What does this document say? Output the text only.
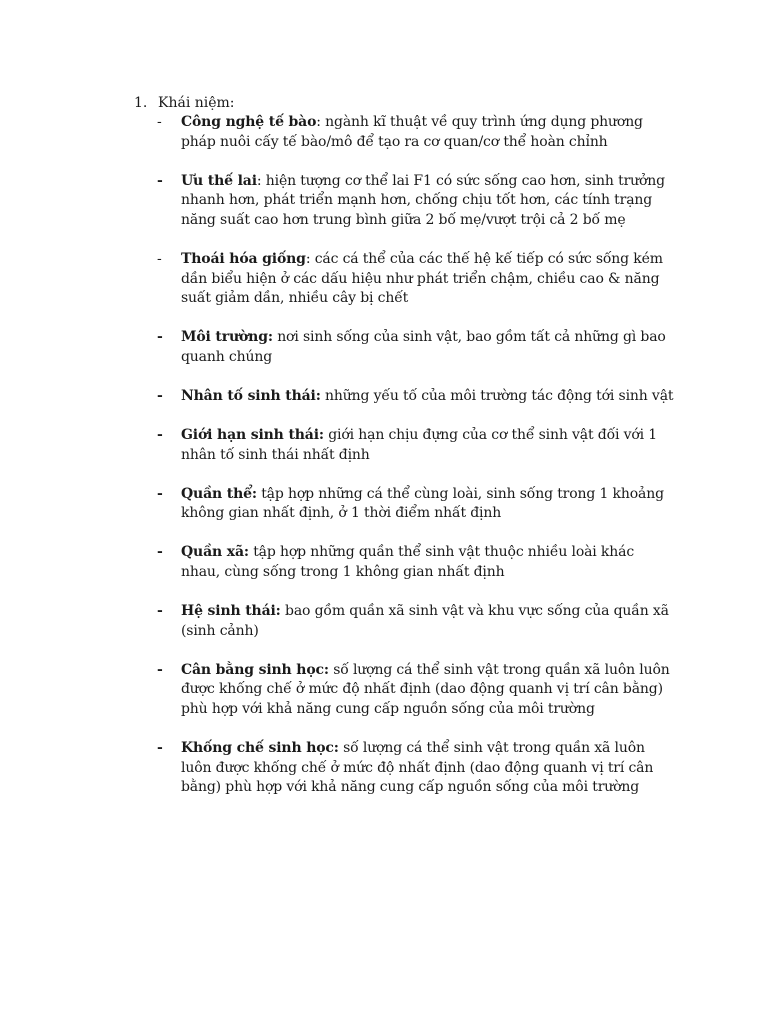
1. Khái niệm:
- Công nghệ tế bào: ngành kĩ thuật về quy trình ứng dụng phương pháp nuôi cấy tế bào/mô để tạo ra cơ quan/cơ thể hoàn chỉnh
- Ưu thế lai: hiện tượng cơ thể lai F1 có sức sống cao hơn, sinh trưởng nhanh hơn, phát triển mạnh hơn, chống chịu tốt hơn, các tính trạng năng suất cao hơn trung bình giữa 2 bố mẹ/vượt trội cả 2 bố mẹ
- Thoái hóa giống: các cá thể của các thế hệ kế tiếp có sức sống kém dần biểu hiện ở các dấu hiệu như phát triển chậm, chiều cao & năng suất giảm dần, nhiều cây bị chết
- Môi trường: nơi sinh sống của sinh vật, bao gồm tất cả những gì bao quanh chúng
- Nhân tố sinh thái: những yếu tố của môi trường tác động tới sinh vật
- Giới hạn sinh thái: giới hạn chịu đựng của cơ thể sinh vật đối với 1 nhân tố sinh thái nhất định
- Quần thể: tập hợp những cá thể cùng loài, sinh sống trong 1 khoảng không gian nhất định, ở 1 thời điểm nhất định
- Quần xã: tập hợp những quần thể sinh vật thuộc nhiều loài khác nhau, cùng sống trong 1 không gian nhất định
- Hệ sinh thái: bao gồm quần xã sinh vật và khu vực sống của quần xã (sinh cảnh)
- Cân bằng sinh học: số lượng cá thể sinh vật trong quần xã luôn luôn được khống chế ở mức độ nhất định (dao động quanh vị trí cân bằng) phù hợp với khả năng cung cấp nguồn sống của môi trường
- Khống chế sinh học: số lượng cá thể sinh vật trong quần xã luôn luôn được khống chế ở mức độ nhất định (dao động quanh vị trí cân bằng) phù hợp với khả năng cung cấp nguồn sống của môi trường
